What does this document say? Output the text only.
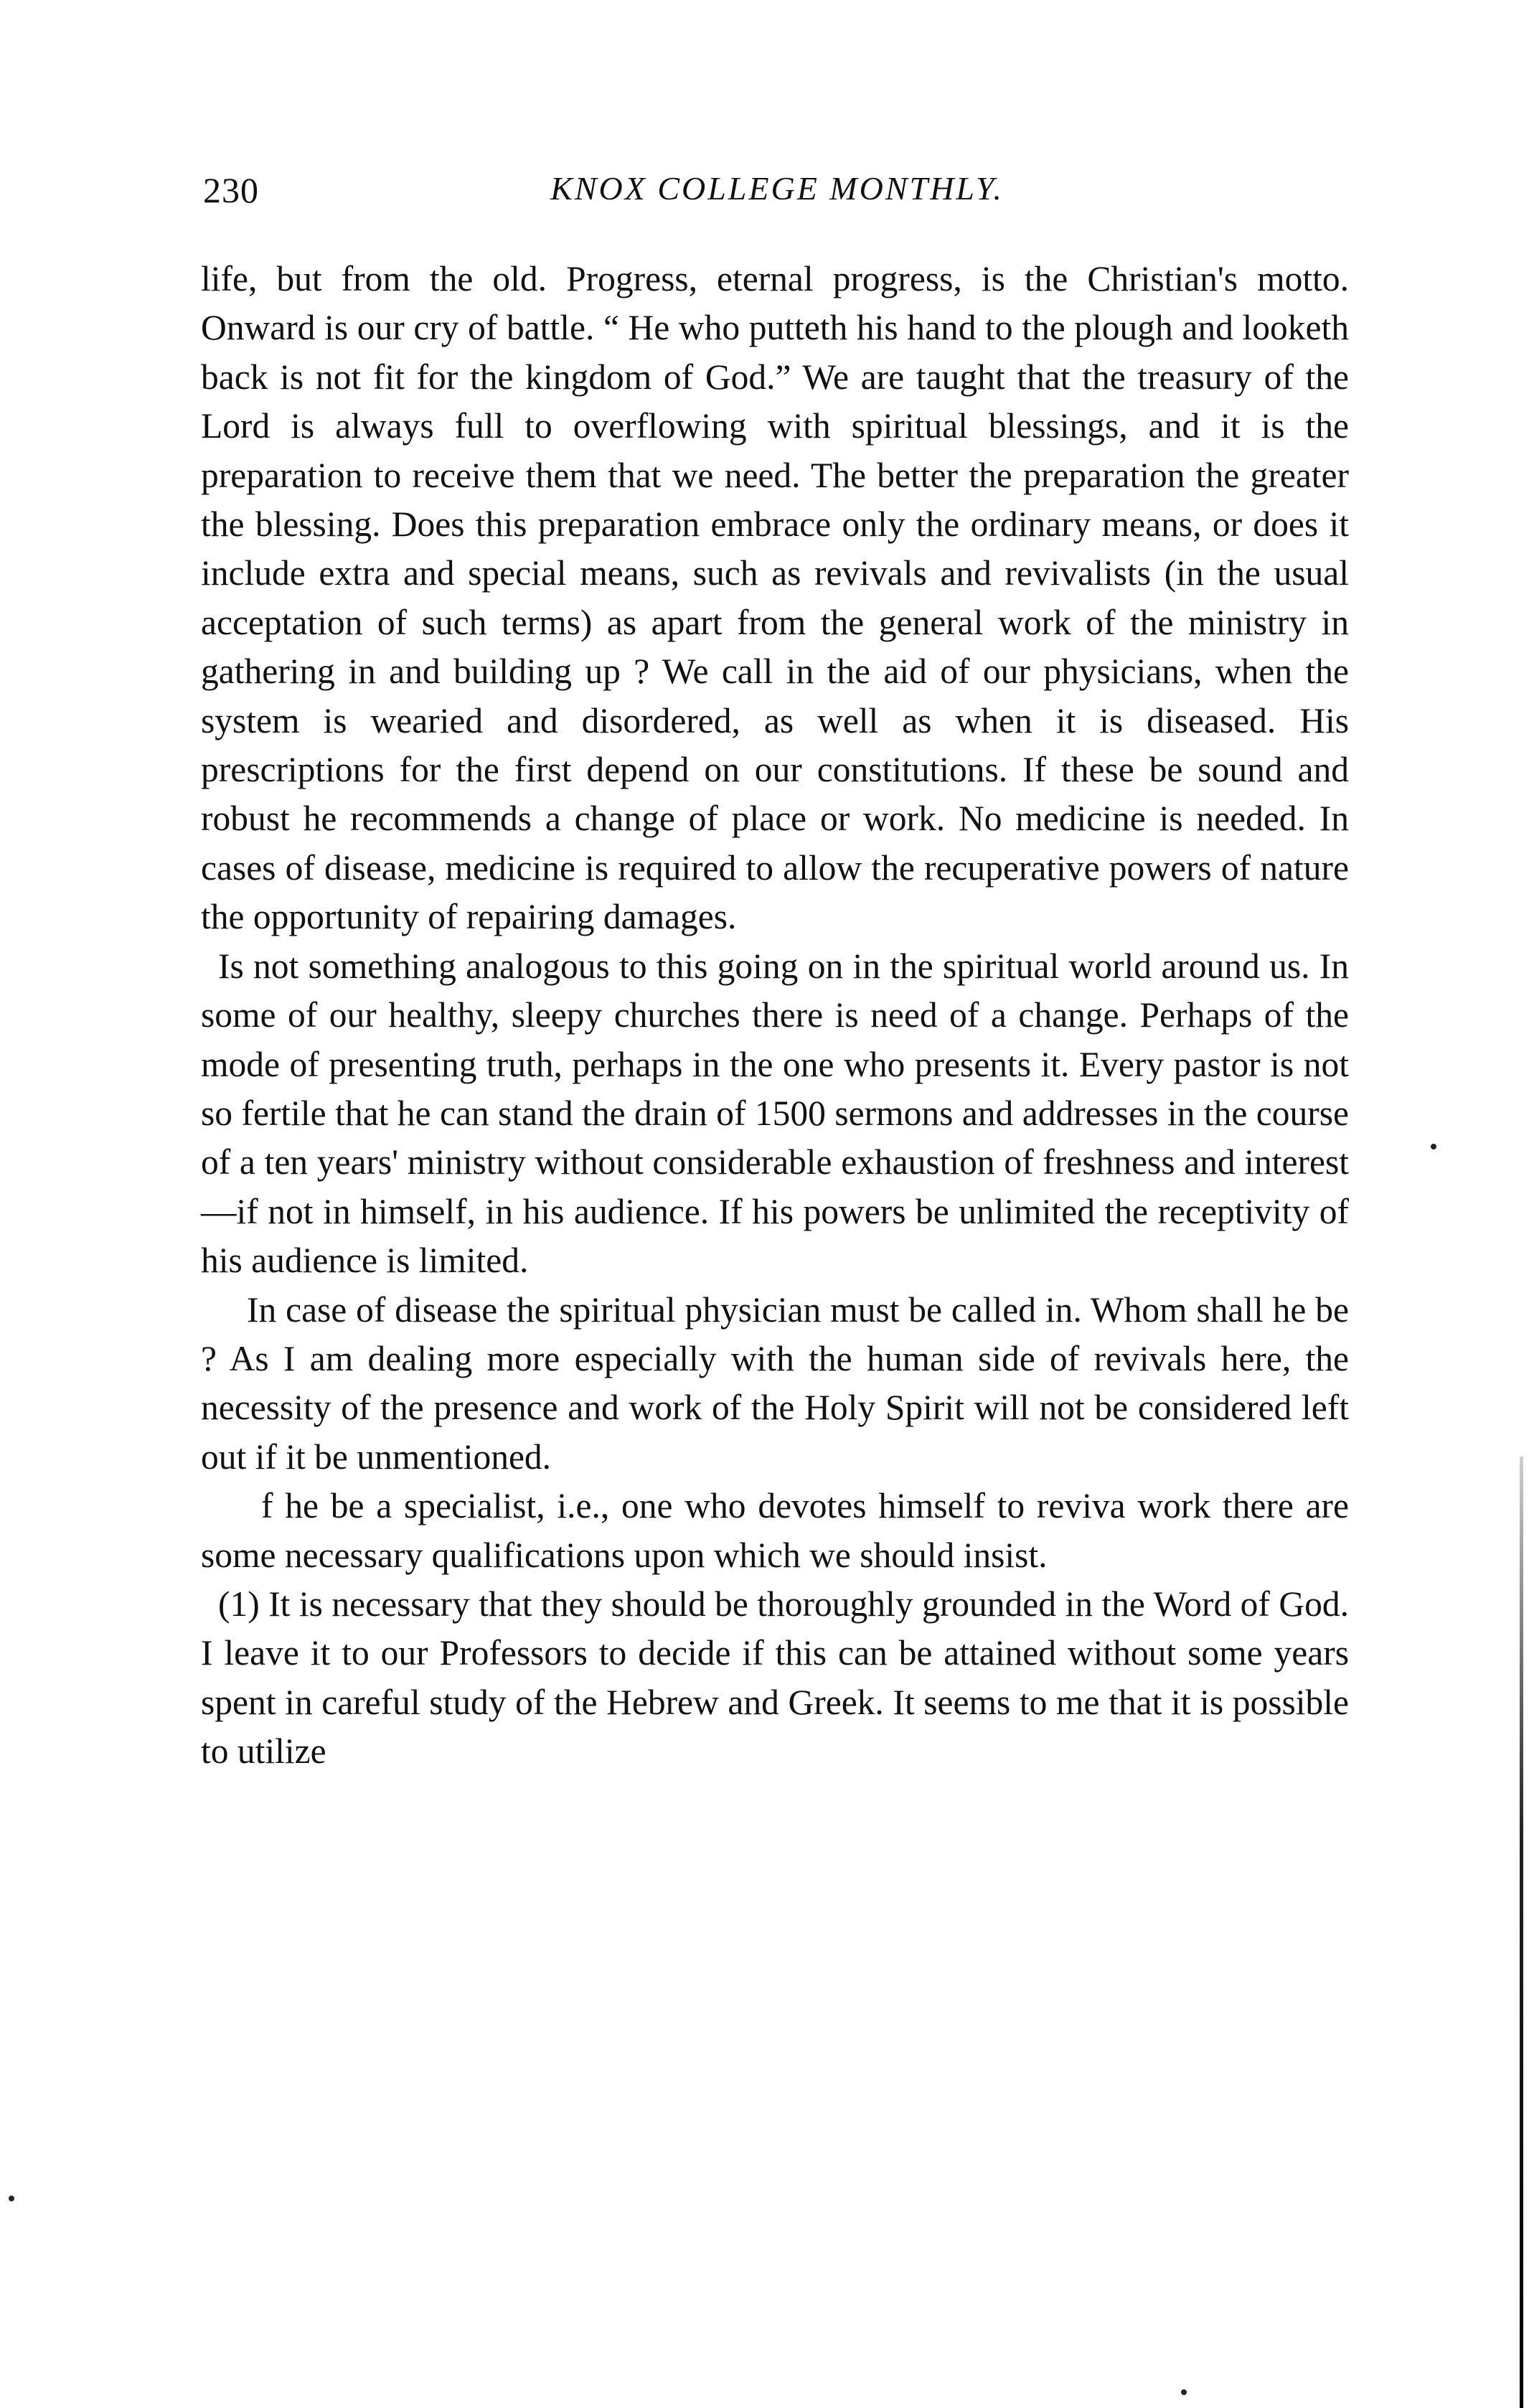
230	KNOX COLLEGE MONTHLY.

life, but from the old. Progress, eternal progress, is the Christian's motto. Onward is our cry of battle. “ He who putteth his hand to the plough and looketh back is not fit for the kingdom of God.” We are taught that the treasury of the Lord is always full to overflowing with spiritual blessings, and it is the preparation to receive them that we need. The better the preparation the greater the blessing. Does this preparation embrace only the ordinary means, or does it include extra and special means, such as revivals and revivalists (in the usual acceptation of such terms) as apart from the general work of the ministry in gathering in and building up ? We call in the aid of our physicians, when the system is wearied and disordered, as well as when it is diseased. His prescriptions for the first depend on our constitutions. If these be sound and robust he recommends a change of place or work. No medicine is needed. In cases of disease, medicine is required to allow the recuperative powers of nature the opportunity of repairing damages.

Is not something analogous to this going on in the spiritual world around us. In some of our healthy, sleepy churches there is need of a change. Perhaps of the mode of presenting truth, perhaps in the one who presents it. Every pastor is not so fertile that he can stand the drain of 1500 sermons and addresses in the course of a ten years' ministry without considerable exhaustion of freshness and interest—if not in himself, in his audience. If his powers be unlimited the receptivity of his audience is limited.

In case of disease the spiritual physician must be called in. Whom shall he be ? As I am dealing more especially with the human side of revivals here, the necessity of the presence and work of the Holy Spirit will not be considered left out if it be unmentioned.

f he be a specialist, i.e., one who devotes himself to reviva work there are some necessary qualifications upon which we should insist.

(1) It is necessary that they should be thoroughly grounded in the Word of God. I leave it to our Professors to decide if this can be attained without some years spent in careful study of the Hebrew and Greek. It seems to me that it is possible to utilize
